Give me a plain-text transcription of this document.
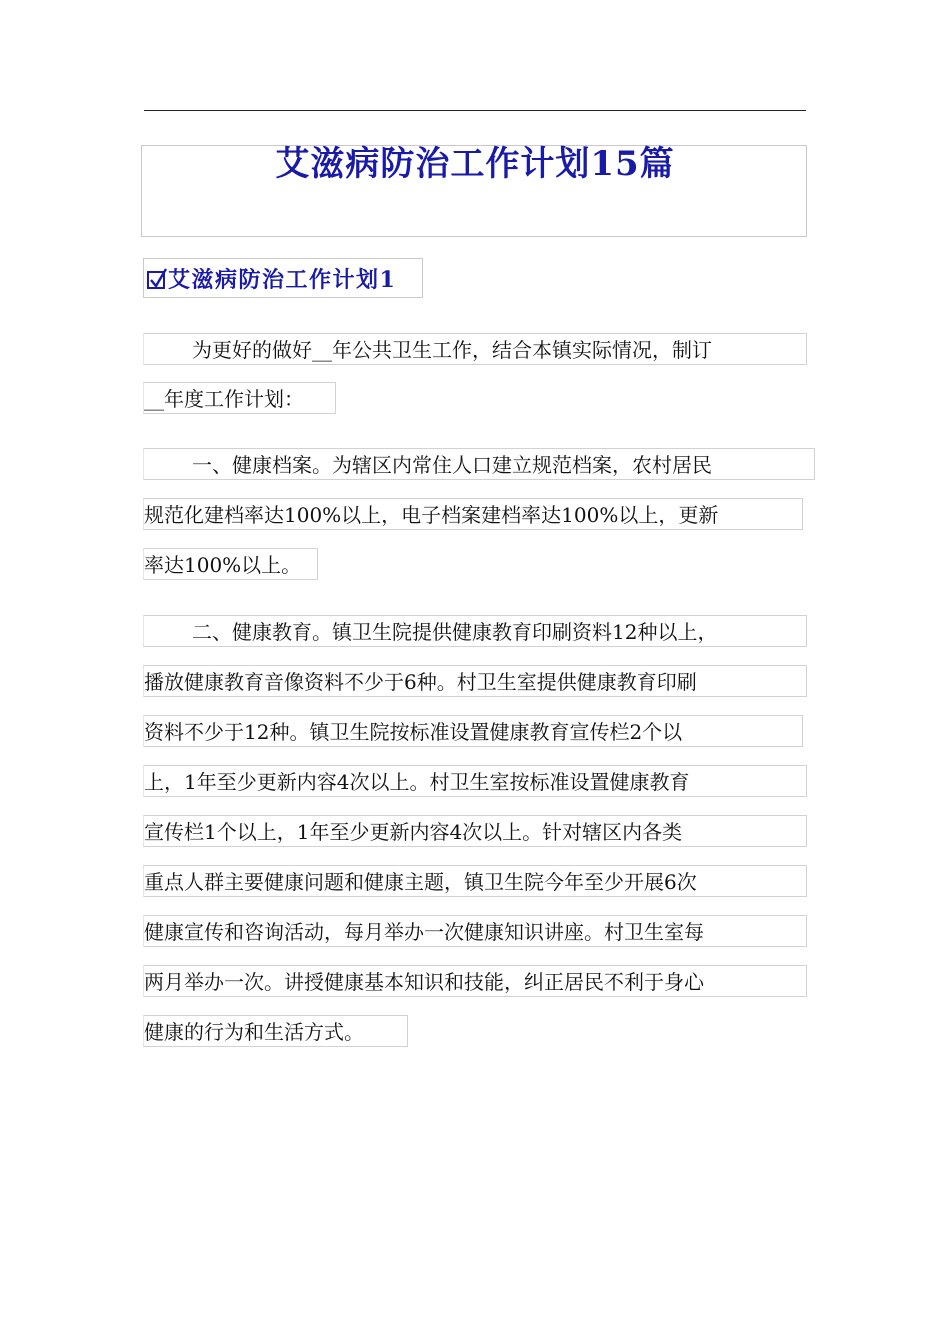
艾滋病防治工作计划15篇
艾滋病防治工作计划1
为更好的做好__年公共卫生工作，结合本镇实际情况，制订
__年度工作计划：
一、健康档案。为辖区内常住人口建立规范档案，农村居民
规范化建档率达100%以上，电子档案建档率达100%以上，更新
率达100%以上。
二、健康教育。镇卫生院提供健康教育印刷资料12种以上，
播放健康教育音像资料不少于6种。村卫生室提供健康教育印刷
资料不少于12种。镇卫生院按标准设置健康教育宣传栏2个以
上，1年至少更新内容4次以上。村卫生室按标准设置健康教育
宣传栏1个以上，1年至少更新内容4次以上。针对辖区内各类
重点人群主要健康问题和健康主题，镇卫生院今年至少开展6次
健康宣传和咨询活动，每月举办一次健康知识讲座。村卫生室每
两月举办一次。讲授健康基本知识和技能，纠正居民不利于身心
健康的行为和生活方式。
